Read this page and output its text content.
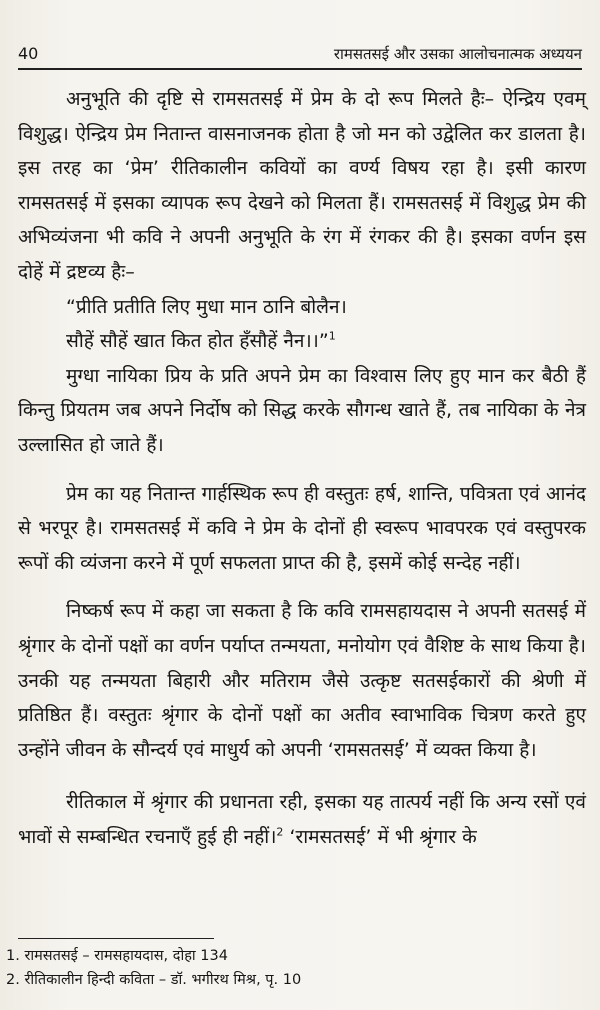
40	रामसतसई और उसका आलोचनात्मक अध्ययन

अनुभूति की दृष्टि से रामसतसई में प्रेम के दो रूप मिलते हैः– ऐन्द्रिय एवम् विशुद्ध। ऐन्द्रिय प्रेम नितान्त वासनाजनक होता है जो मन को उद्वेलित कर डालता है। इस तरह का ‘प्रेम’ रीतिकालीन कवियों का वर्ण्य विषय रहा है। इसी कारण रामसतसई में इसका व्यापक रूप देखने को मिलता हैं। रामसतसई में विशुद्ध प्रेम की अभिव्यंजना भी कवि ने अपनी अनुभूति के रंग में रंगकर की है। इसका वर्णन इस दोहें में द्रष्टव्य हैः–

“प्रीति प्रतीति लिए मुधा मान ठानि बोलैन।
सौहें सौहें खात कित होत हँसौहें नैन।।”$^1$

मुग्धा नायिका प्रिय के प्रति अपने प्रेम का विश्वास लिए हुए मान कर बैठी हैं किन्तु प्रियतम जब अपने निर्दोष को सिद्ध करके सौगन्ध खाते हैं, तब नायिका के नेत्र उल्लासित हो जाते हैं।

प्रेम का यह नितान्त गार्हस्थिक रूप ही वस्तुतः हर्ष, शान्ति, पवित्रता एवं आनंद से भरपूर है। रामसतसई में कवि ने प्रेम के दोनों ही स्वरूप भावपरक एवं वस्तुपरक रूपों की व्यंजना करने में पूर्ण सफलता प्राप्त की है, इसमें कोई सन्देह नहीं।

निष्कर्ष रूप में कहा जा सकता है कि कवि रामसहायदास ने अपनी सतसई में श्रृंगार के दोनों पक्षों का वर्णन पर्याप्त तन्मयता, मनोयोग एवं वैशिष्ट के साथ किया है। उनकी यह तन्मयता बिहारी और मतिराम जैसे उत्कृष्ट सतसईकारों की श्रेणी में प्रतिष्ठित हैं। वस्तुतः श्रृंगार के दोनों पक्षों का अतीव स्वाभाविक चित्रण करते हुए उन्होंने जीवन के सौन्दर्य एवं माधुर्य को अपनी ‘रामसतसई’ में व्यक्त किया है।

रीतिकाल में श्रृंगार की प्रधानता रही, इसका यह तात्पर्य नहीं कि अन्य रसों एवं भावों से सम्बन्धित रचनाएँ हुई ही नहीं।$^2$ ‘रामसतसई’ में भी श्रृंगार के

1. रामसतसई – रामसहायदास, दोहा 134
2. रीतिकालीन हिन्दी कविता – डॉ. भगीरथ मिश्र, पृ. 10
